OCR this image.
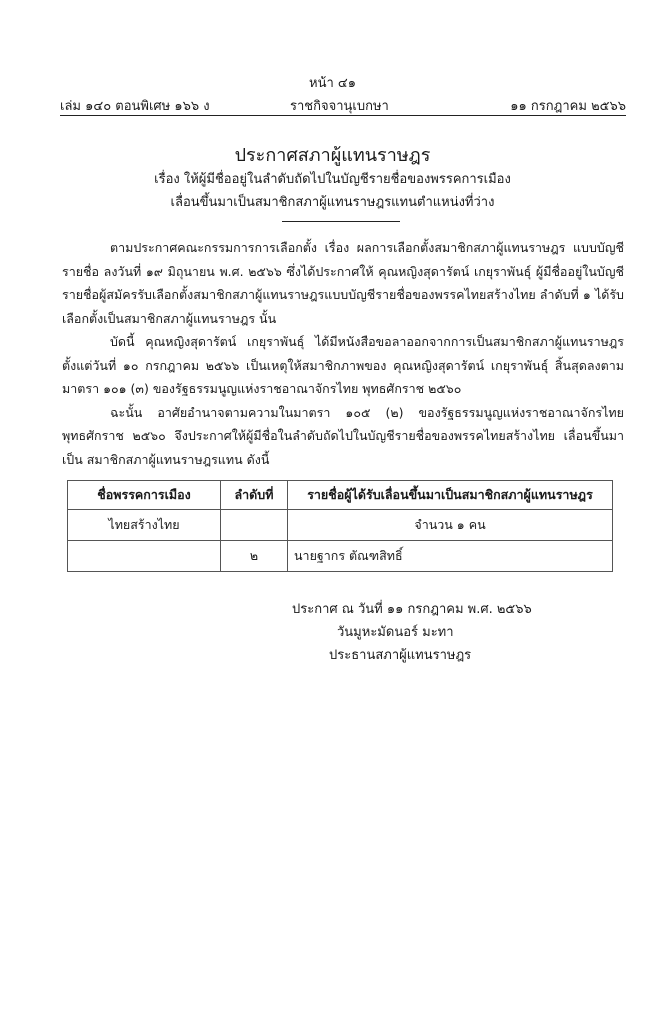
หน้า ๔๑
เล่ม ๑๔๐ ตอนพิเศษ ๑๖๖ ง	ราชกิจจานุเบกษา	๑๑ กรกฎาคม ๒๕๖๖
ประกาศสภาผู้แทนราษฎร
เรื่อง ให้ผู้มีชื่ออยู่ในลำดับถัดไปในบัญชีรายชื่อของพรรคการเมือง
เลื่อนขึ้นมาเป็นสมาชิกสภาผู้แทนราษฎรแทนตำแหน่งที่ว่าง

ตามประกาศคณะกรรมการการเลือกตั้ง เรื่อง ผลการเลือกตั้งสมาชิกสภาผู้แทนราษฎร แบบบัญชีรายชื่อ ลงวันที่ ๑๙ มิถุนายน พ.ศ. ๒๕๖๖ ซึ่งได้ประกาศให้ คุณหญิงสุดารัตน์ เกยุราพันธุ์ ผู้มีชื่ออยู่ในบัญชีรายชื่อผู้สมัครรับเลือกตั้งสมาชิกสภาผู้แทนราษฎรแบบบัญชีรายชื่อของพรรคไทยสร้างไทย ลำดับที่ ๑ ได้รับเลือกตั้งเป็นสมาชิกสภาผู้แทนราษฎร นั้น

บัดนี้ คุณหญิงสุดารัตน์ เกยุราพันธุ์ ได้มีหนังสือขอลาออกจากการเป็นสมาชิกสภาผู้แทนราษฎร ตั้งแต่วันที่ ๑๐ กรกฎาคม ๒๕๖๖ เป็นเหตุให้สมาชิกภาพของ คุณหญิงสุดารัตน์ เกยุราพันธุ์ สิ้นสุดลงตามมาตรา ๑๐๑ (๓) ของรัฐธรรมนูญแห่งราชอาณาจักรไทย พุทธศักราช ๒๕๖๐

ฉะนั้น อาศัยอำนาจตามความในมาตรา ๑๐๕ (๒) ของรัฐธรรมนูญแห่งราชอาณาจักรไทย พุทธศักราช ๒๕๖๐ จึงประกาศให้ผู้มีชื่อในลำดับถัดไปในบัญชีรายชื่อของพรรคไทยสร้างไทย เลื่อนขึ้นมาเป็น สมาชิกสภาผู้แทนราษฎรแทน ดังนี้

ชื่อพรรคการเมือง	ลำดับที่	รายชื่อผู้ได้รับเลื่อนขึ้นมาเป็นสมาชิกสภาผู้แทนราษฎร
ไทยสร้างไทย		จำนวน ๑ คน
	๒	นายฐากร ตัณฑสิทธิ์
ประกาศ ณ วันที่ ๑๑ กรกฎาคม พ.ศ. ๒๕๖๖
วันมูหะมัดนอร์ มะทา
ประธานสภาผู้แทนราษฎร
